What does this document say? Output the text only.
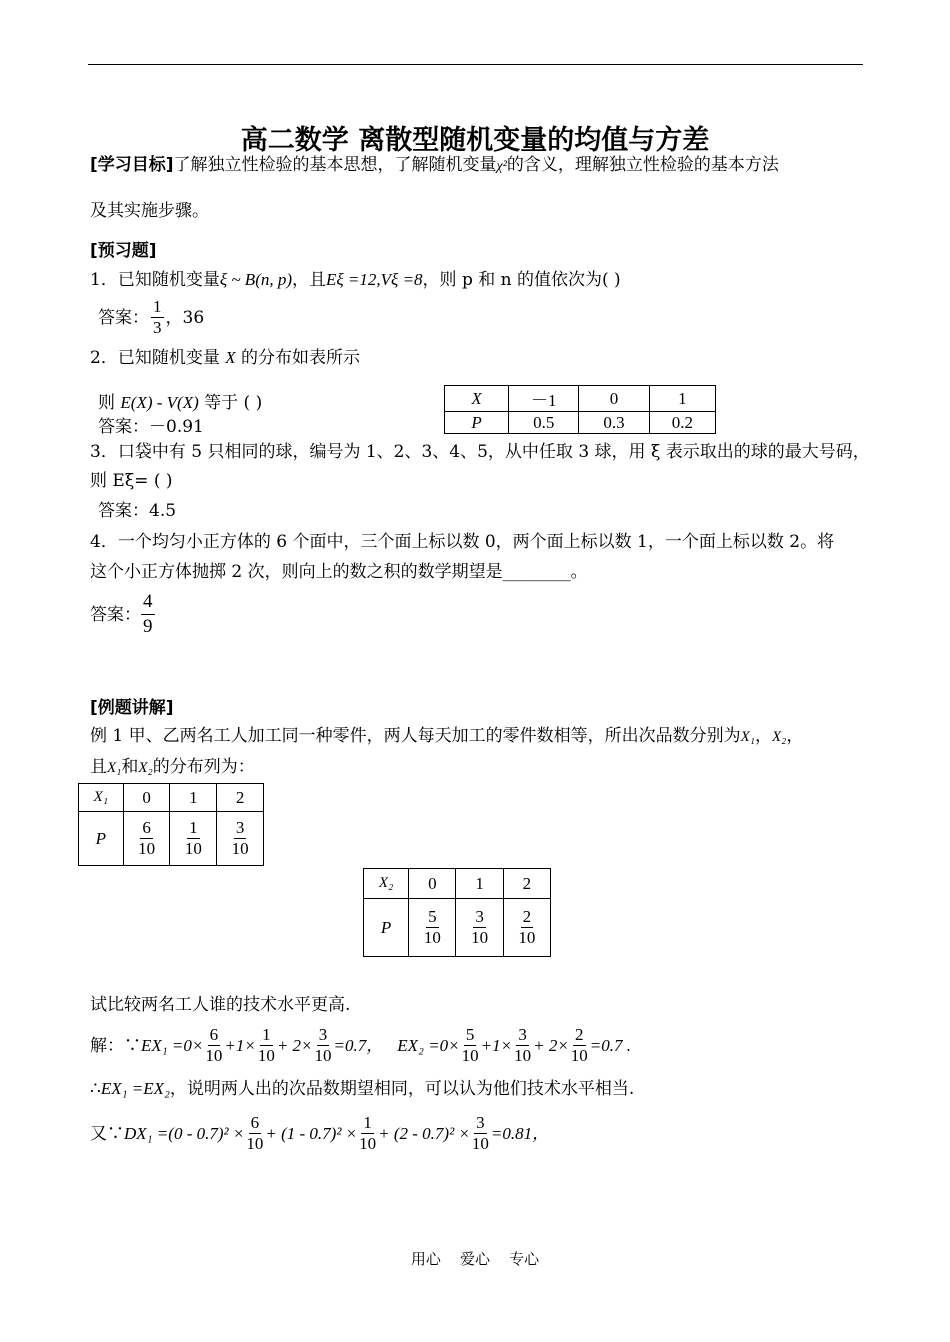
高二数学 离散型随机变量的均值与方差
[学习目标]了解独立性检验的基本思想，了解随机变量χ²的含义，理解独立性检验的基本方法
及其实施步骤。
[预习题]
1．已知随机变量ξ ~ B(n, p)，且Eξ =12,Vξ =8，则 p 和 n 的值依次为( )
答案： $\frac{1}{3}$ ，36
2．已知随机变量 X 的分布如表所示
则 E(X) - V(X) 等于 ( )
答案：－0.91
X	－1	0	1
P	0.5	0.3	0.2
3．口袋中有 5 只相同的球，编号为 1、2、3、4、5，从中任取 3 球，用 ξ 表示取出的球的最大号码，
则 Eξ= ( )
答案：4.5
4．一个均匀小正方体的 6 个面中，三个面上标以数 0，两个面上标以数 1，一个面上标以数 2。将
这个小正方体抛掷 2 次，则向上的数之积的数学期望是________。
答案： $\frac{4}{9}$
[例题讲解]
例 1 甲、乙两名工人加工同一种零件，两人每天加工的零件数相等，所出次品数分别为X₁，X₂，
且X₁和X₂的分布列为：
X₁	0	1	2
P	$\frac{6}{10}$	$\frac{1}{10}$	$\frac{3}{10}$
X₂	0	1	2
P	$\frac{5}{10}$	$\frac{3}{10}$	$\frac{2}{10}$
试比较两名工人谁的技术水平更高.
解：∵ $EX_1 =0\times \frac{6}{10} +1\times \frac{1}{10} + 2\times \frac{3}{10} =0.7$， $EX_2 =0\times \frac{5}{10} +1\times \frac{3}{10} + 2\times \frac{2}{10} =0.7$ .
∴EX₁ =EX₂，说明两人出的次品数期望相同，可以认为他们技术水平相当.
又∵ $DX_1 =(0 - 0.7)^2 \times \frac{6}{10} + (1 - 0.7)^2 \times \frac{1}{10} + (2 - 0.7)^2 \times \frac{3}{10} =0.81$，
用心    爱心    专心
